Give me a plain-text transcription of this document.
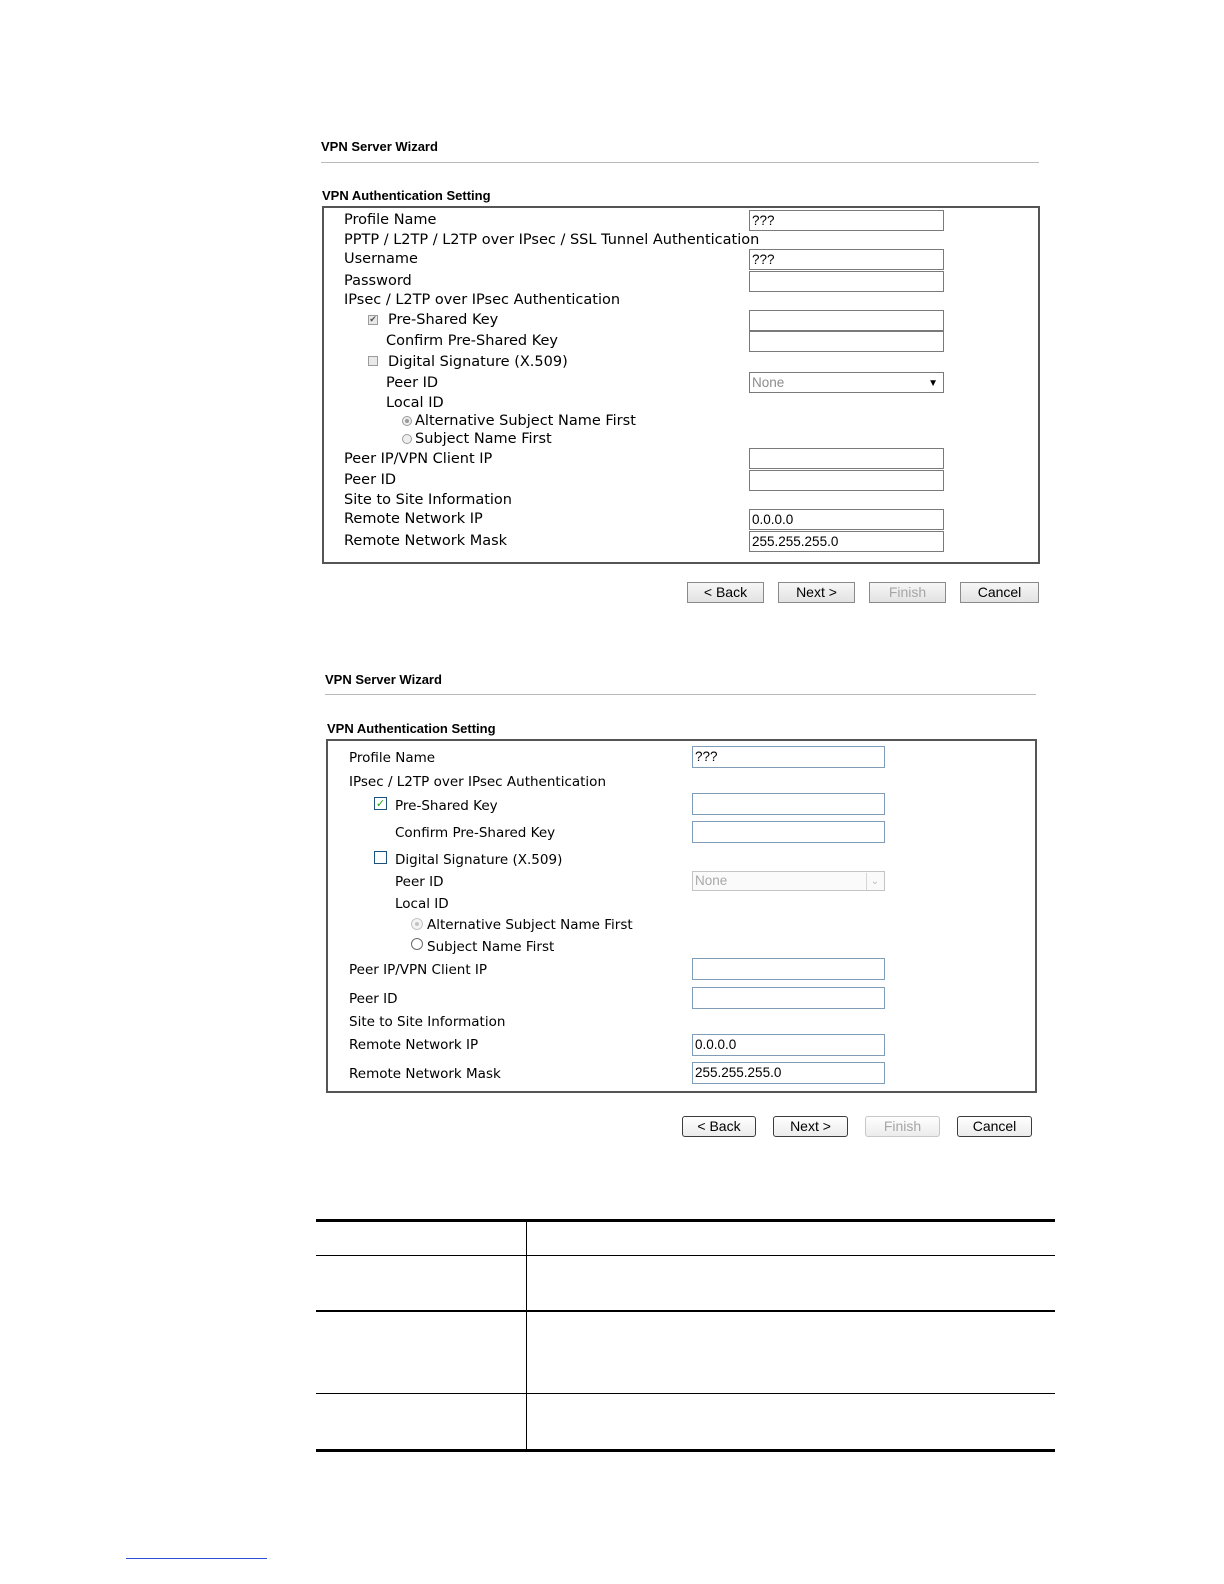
VPN Server Wizard
VPN Authentication Setting
Profile Name	???
PPTP / L2TP / L2TP over IPsec / SSL Tunnel Authentication
Username	???
Password
IPsec / L2TP over IPsec Authentication
✔ Pre-Shared Key
Confirm Pre-Shared Key
Digital Signature (X.509)
Peer ID	None	▼
Local ID
Alternative Subject Name First
Subject Name First
Peer IP/VPN Client IP
Peer ID
Site to Site Information
Remote Network IP	0.0.0.0
Remote Network Mask	255.255.255.0
< Back	Next >	Finish	Cancel
VPN Server Wizard
VPN Authentication Setting
Profile Name	???
IPsec / L2TP over IPsec Authentication
✓ Pre-Shared Key
Confirm Pre-Shared Key
Digital Signature (X.509)
Peer ID	None	⌄
Local ID
Alternative Subject Name First
Subject Name First
Peer IP/VPN Client IP
Peer ID
Site to Site Information
Remote Network IP	0.0.0.0
Remote Network Mask	255.255.255.0
< Back	Next >	Finish	Cancel
